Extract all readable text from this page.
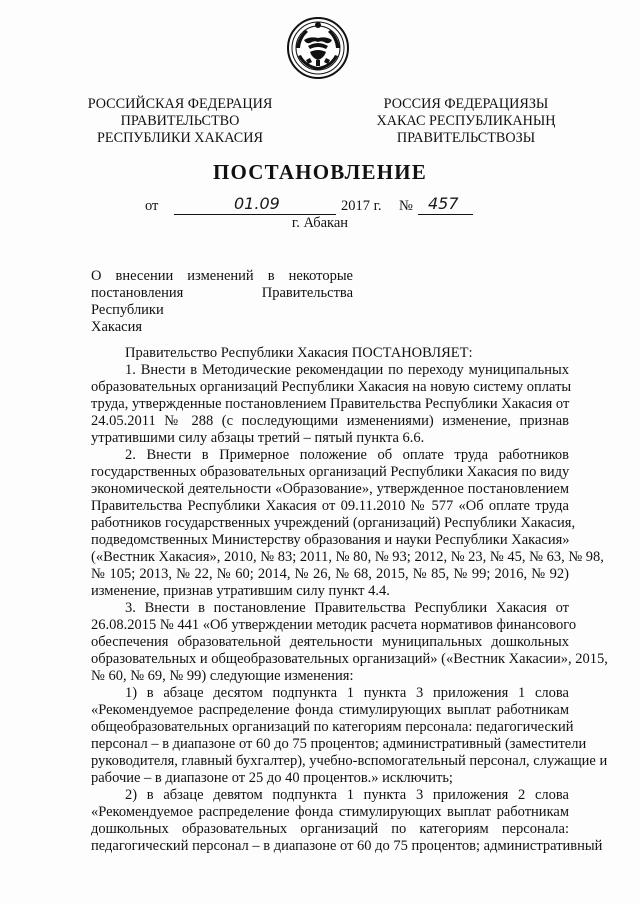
РОССИЙСКАЯ ФЕДЕРАЦИЯ
ПРАВИТЕЛЬСТВО
РЕСПУБЛИКИ ХАКАСИЯ
РОССИЯ ФЕДЕРАЦИЯЗЫ
ХАКАС РЕСПУБЛИКАНЫҢ
ПРАВИТЕЛЬСТВОЗЫ
ПОСТАНОВЛЕНИЕ
от	01.09	2017 г. № 457
г. Абакан
О внесении изменений в некоторые
постановления Правительства Республики
Хакасия
Правительство Республики Хакасия ПОСТАНОВЛЯЕТ:
1. Внести в Методические рекомендации по переходу муниципальных
образовательных организаций Республики Хакасия на новую систему оплаты
труда, утвержденные постановлением Правительства Республики Хакасия от
24.05.2011 № 288 (с последующими изменениями) изменение, признав
утратившими силу абзацы третий – пятый пункта 6.6.
2. Внести в Примерное положение об оплате труда работников
государственных образовательных организаций Республики Хакасия по виду
экономической деятельности «Образование», утвержденное постановлением
Правительства Республики Хакасия от 09.11.2010 № 577 «Об оплате труда
работников государственных учреждений (организаций) Республики Хакасия,
подведомственных Министерству образования и науки Республики Хакасия»
(«Вестник Хакасия», 2010, № 83; 2011, № 80, № 93; 2012, № 23, № 45, № 63, № 98,
№ 105; 2013, № 22, № 60; 2014, № 26, № 68, 2015, № 85, № 99; 2016, № 92)
изменение, признав утратившим силу пункт 4.4.
3. Внести в постановление Правительства Республики Хакасия от
26.08.2015 № 441 «Об утверждении методик расчета нормативов финансового
обеспечения образовательной деятельности муниципальных дошкольных
образовательных и общеобразовательных организаций» («Вестник Хакасии», 2015,
№ 60, № 69, № 99) следующие изменения:
1) в абзаце десятом подпункта 1 пункта 3 приложения 1 слова
«Рекомендуемое распределение фонда стимулирующих выплат работникам
общеобразовательных организаций по категориям персонала: педагогический
персонал – в диапазоне от 60 до 75 процентов; административный (заместители
руководителя, главный бухгалтер), учебно-вспомогательный персонал, служащие и
рабочие – в диапазоне от 25 до 40 процентов.» исключить;
2) в абзаце девятом подпункта 1 пункта 3 приложения 2 слова
«Рекомендуемое распределение фонда стимулирующих выплат работникам
дошкольных образовательных организаций по категориям персонала:
педагогический персонал – в диапазоне от 60 до 75 процентов; административный
